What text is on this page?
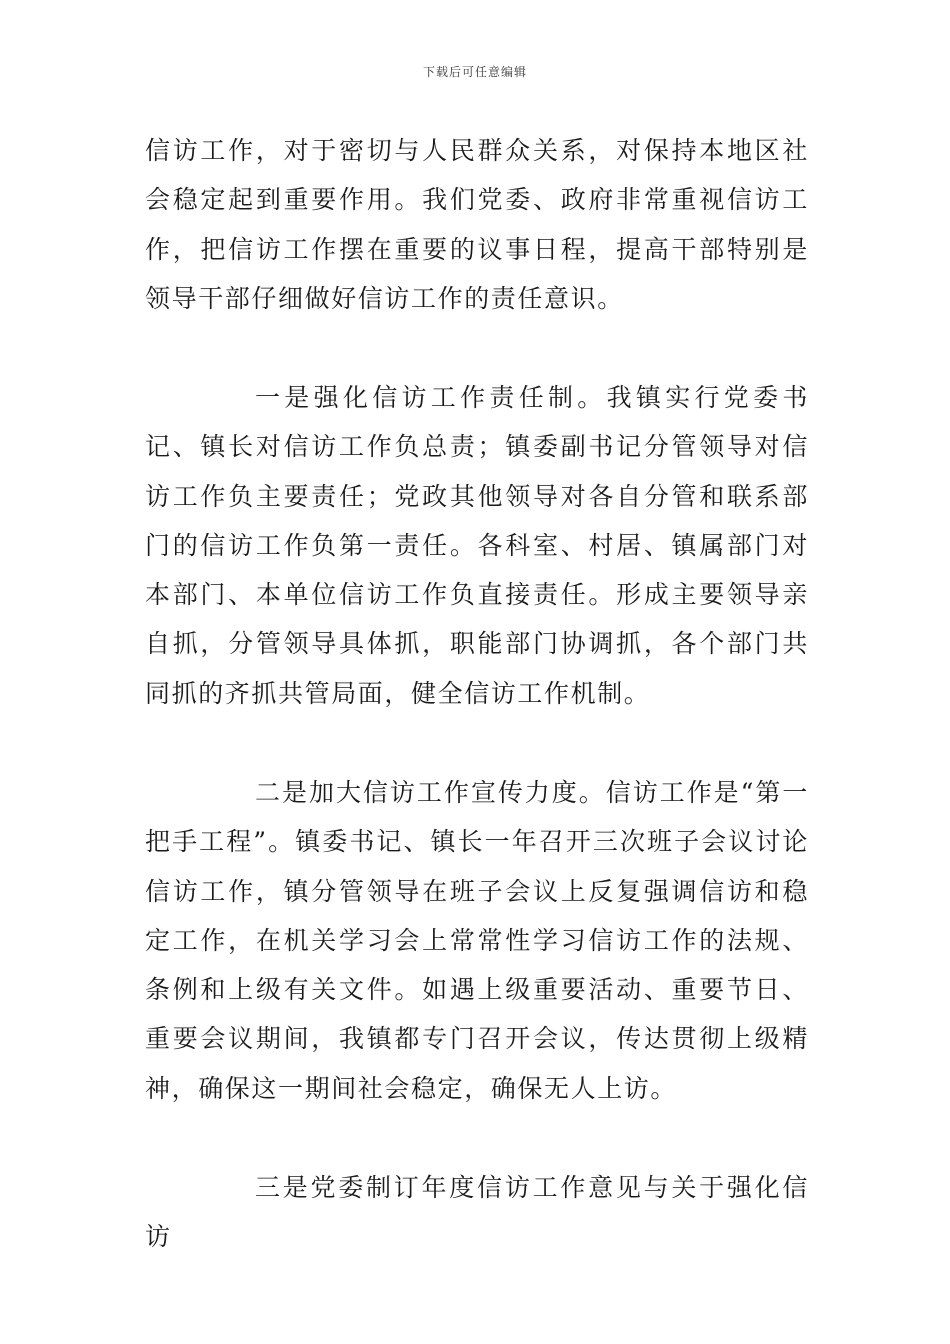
下载后可任意编辑

信访工作，对于密切与人民群众关系，对保持本地区社会稳定起到重要作用。我们党委、政府非常重视信访工作，把信访工作摆在重要的议事日程，提高干部特别是领导干部仔细做好信访工作的责任意识。

一是强化信访工作责任制。我镇实行党委书记、镇长对信访工作负总责；镇委副书记分管领导对信访工作负主要责任；党政其他领导对各自分管和联系部门的信访工作负第一责任。各科室、村居、镇属部门对本部门、本单位信访工作负直接责任。形成主要领导亲自抓，分管领导具体抓，职能部门协调抓，各个部门共同抓的齐抓共管局面，健全信访工作机制。

二是加大信访工作宣传力度。信访工作是“第一把手工程”。镇委书记、镇长一年召开三次班子会议讨论信访工作，镇分管领导在班子会议上反复强调信访和稳定工作，在机关学习会上常常性学习信访工作的法规、条例和上级有关文件。如遇上级重要活动、重要节日、重要会议期间，我镇都专门召开会议，传达贯彻上级精神，确保这一期间社会稳定，确保无人上访。

三是党委制订年度信访工作意见与关于强化信访
